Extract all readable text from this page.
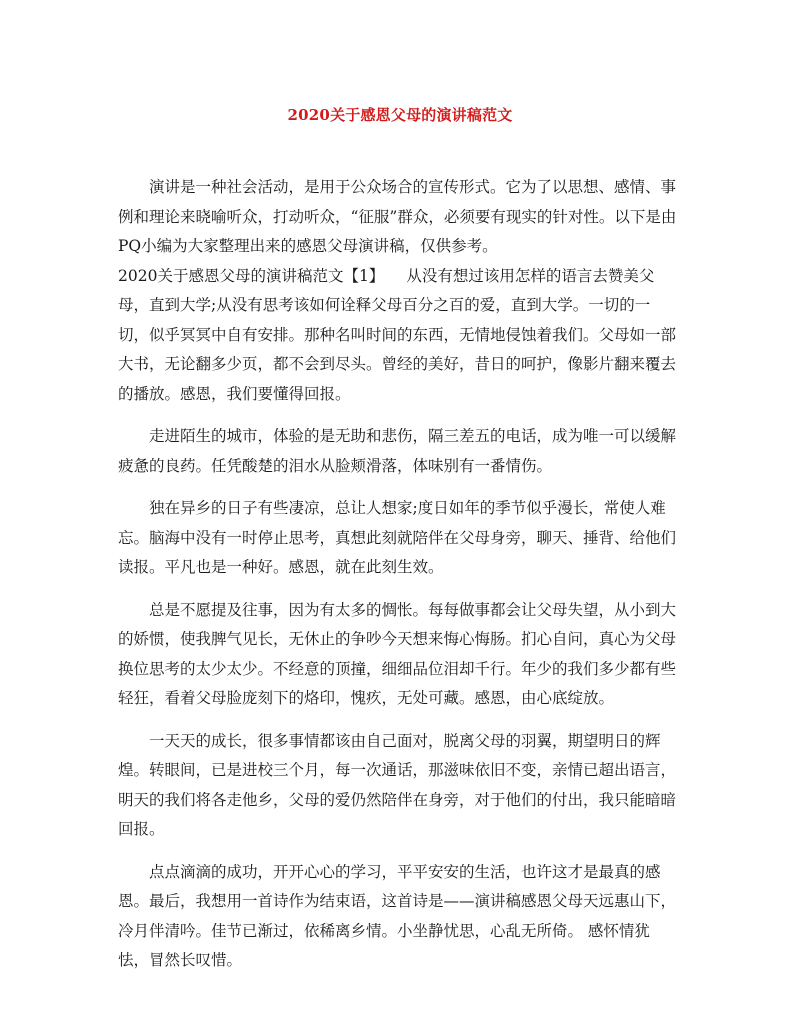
2020关于感恩父母的演讲稿范文

演讲是一种社会活动，是用于公众场合的宣传形式。它为了以思想、感情、事例和理论来晓喻听众，打动听众，“征服”群众，必须要有现实的针对性。以下是由PQ小编为大家整理出来的感恩父母演讲稿，仅供参考。

2020关于感恩父母的演讲稿范文【1】 从没有想过该用怎样的语言去赞美父母，直到大学;从没有思考该如何诠释父母百分之百的爱，直到大学。一切的一切，似乎冥冥中自有安排。那种名叫时间的东西，无情地侵蚀着我们。父母如一部大书，无论翻多少页，都不会到尽头。曾经的美好，昔日的呵护，像影片翻来覆去的播放。感恩，我们要懂得回报。

走进陌生的城市，体验的是无助和悲伤，隔三差五的电话，成为唯一可以缓解疲惫的良药。任凭酸楚的泪水从脸颊滑落，体味别有一番情伤。

独在异乡的日子有些凄凉，总让人想家;度日如年的季节似乎漫长，常使人难忘。脑海中没有一时停止思考，真想此刻就陪伴在父母身旁，聊天、捶背、给他们读报。平凡也是一种好。感恩，就在此刻生效。

总是不愿提及往事，因为有太多的惆怅。每每做事都会让父母失望，从小到大的娇惯，使我脾气见长，无休止的争吵今天想来悔心悔肠。扪心自问，真心为父母换位思考的太少太少。不经意的顶撞，细细品位泪却千行。年少的我们多少都有些轻狂，看着父母脸庞刻下的烙印，愧疚，无处可藏。感恩，由心底绽放。

一天天的成长，很多事情都该由自己面对，脱离父母的羽翼，期望明日的辉煌。转眼间，已是进校三个月，每一次通话，那滋味依旧不变，亲情已超出语言，明天的我们将各走他乡，父母的爱仍然陪伴在身旁，对于他们的付出，我只能暗暗回报。

点点滴滴的成功，开开心心的学习，平平安安的生活，也许这才是最真的感恩。最后，我想用一首诗作为结束语，这首诗是——演讲稿感恩父母天远惠山下，冷月伴清吟。佳节已渐过，依稀离乡情。小坐静忧思，心乱无所倚。 感怀情犹怯，冒然长叹惜。
